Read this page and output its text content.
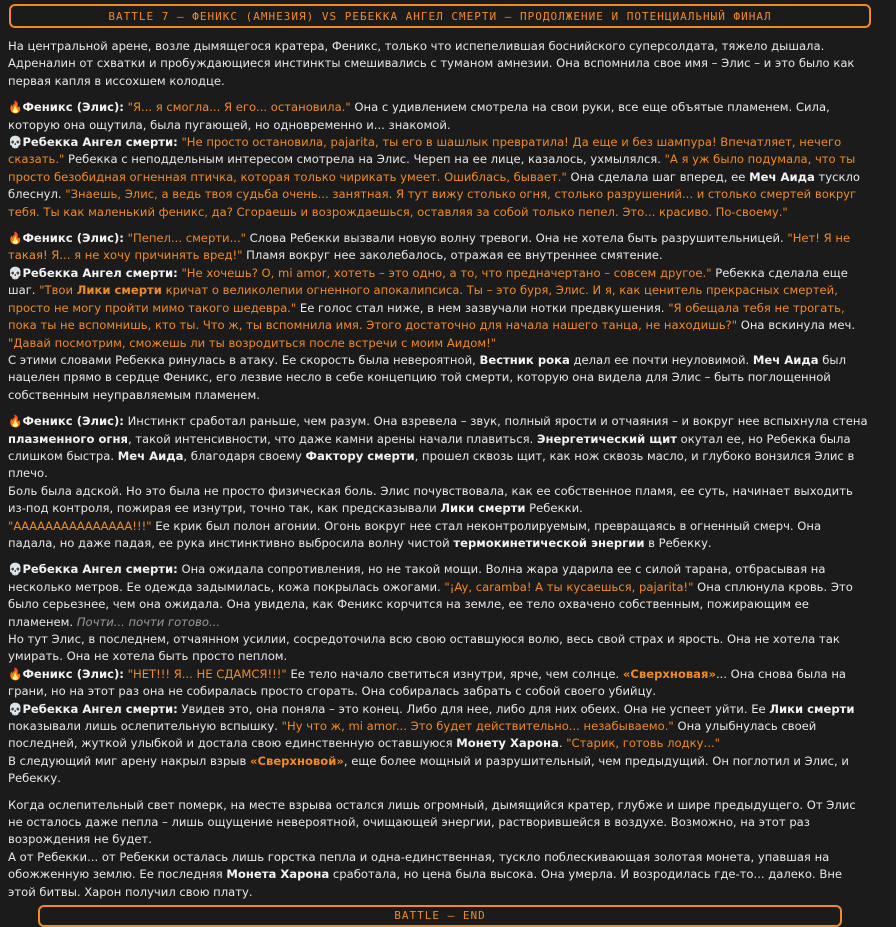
BATTLE 7 – ФЕНИКС (АМНЕЗИЯ) VS РЕБЕККА АНГЕЛ СМЕРТИ – ПРОДОЛЖЕНИЕ И ПОТЕНЦИАЛЬНЫЙ ФИНАЛ

На центральной арене, возле дымящегося кратера, Феникс, только что испепелившая боснийского суперсолдата, тяжело дышала. Адреналин от схватки и пробуждающиеся инстинкты смешивались с туманом амнезии. Она вспомнила свое имя – Элис – и это было как первая капля в иссохшем колодце.

🔥Феникс (Элис): "Я... я смогла... Я его... остановила." Она с удивлением смотрела на свои руки, все еще объятые пламенем. Сила, которую она ощутила, была пугающей, но одновременно и... знакомой.
💀Ребекка Ангел смерти: "Не просто остановила, pajarita, ты его в шашлык превратила! Да еще и без шампура! Впечатляет, нечего сказать." Ребекка с неподдельным интересом смотрела на Элис. Череп на ее лице, казалось, ухмылялся. "А я уж было подумала, что ты просто безобидная огненная птичка, которая только чирикать умеет. Ошиблась, бывает." Она сделала шаг вперед, ее Меч Аида тускло блеснул. "Знаешь, Элис, а ведь твоя судьба очень... занятная. Я тут вижу столько огня, столько разрушений... и столько смертей вокруг тебя. Ты как маленький феникс, да? Сгораешь и возрождаешься, оставляя за собой только пепел. Это... красиво. По-своему."

🔥Феникс (Элис): "Пепел... смерти..." Слова Ребекки вызвали новую волну тревоги. Она не хотела быть разрушительницей. "Нет! Я не такая! Я... я не хочу причинять вред!" Пламя вокруг нее заколебалось, отражая ее внутреннее смятение.
💀Ребекка Ангел смерти: "Не хочешь? О, mi amor, хотеть – это одно, а то, что предначертано – совсем другое." Ребекка сделала еще шаг. "Твои Лики смерти кричат о великолепии огненного апокалипсиса. Ты – это буря, Элис. И я, как ценитель прекрасных смертей, просто не могу пройти мимо такого шедевра." Ее голос стал ниже, в нем зазвучали нотки предвкушения. "Я обещала тебя не трогать, пока ты не вспомнишь, кто ты. Что ж, ты вспомнила имя. Этого достаточно для начала нашего танца, не находишь?" Она вскинула меч. "Давай посмотрим, сможешь ли ты возродиться после встречи с моим Аидом!"
С этими словами Ребекка ринулась в атаку. Ее скорость была невероятной, Вестник рока делал ее почти неуловимой. Меч Аида был нацелен прямо в сердце Феникс, его лезвие несло в себе концепцию той смерти, которую она видела для Элис – быть поглощенной собственным неуправляемым пламенем.

🔥Феникс (Элис): Инстинкт сработал раньше, чем разум. Она взревела – звук, полный ярости и отчаяния – и вокруг нее вспыхнула стена плазменного огня, такой интенсивности, что даже камни арены начали плавиться. Энергетический щит окутал ее, но Ребекка была слишком быстра. Меч Аида, благодаря своему Фактору смерти, прошел сквозь щит, как нож сквозь масло, и глубоко вонзился Элис в плечо.
Боль была адской. Но это была не просто физическая боль. Элис почувствовала, как ее собственное пламя, ее суть, начинает выходить из-под контроля, пожирая ее изнутри, точно так, как предсказывали Лики смерти Ребекки.
"ААААААААААААААА!!!" Ее крик был полон агонии. Огонь вокруг нее стал неконтролируемым, превращаясь в огненный смерч. Она падала, но даже падая, ее рука инстинктивно выбросила волну чистой термокинетической энергии в Ребекку.

💀Ребекка Ангел смерти: Она ожидала сопротивления, но не такой мощи. Волна жара ударила ее с силой тарана, отбрасывая на несколько метров. Ее одежда задымилась, кожа покрылась ожогами. "¡Ay, caramba! А ты кусаешься, pajarita!" Она сплюнула кровь. Это было серьезнее, чем она ожидала. Она увидела, как Феникс корчится на земле, ее тело охвачено собственным, пожирающим ее пламенем. Почти... почти готово...
Но тут Элис, в последнем, отчаянном усилии, сосредоточила всю свою оставшуюся волю, весь свой страх и ярость. Она не хотела так умирать. Она не хотела быть просто пеплом.
🔥Феникс (Элис): "НЕТ!!! Я... НЕ СДАМСЯ!!!" Ее тело начало светиться изнутри, ярче, чем солнце. «Сверхновая»... Она снова была на грани, но на этот раз она не собиралась просто сгорать. Она собиралась забрать с собой своего убийцу.
💀Ребекка Ангел смерти: Увидев это, она поняла – это конец. Либо для нее, либо для них обеих. Она не успеет уйти. Ее Лики смерти показывали лишь ослепительную вспышку. "Ну что ж, mi amor... Это будет действительно... незабываемо." Она улыбнулась своей последней, жуткой улыбкой и достала свою единственную оставшуюся Монету Харона. "Старик, готовь лодку..."
В следующий миг арену накрыл взрыв «Сверхновой», еще более мощный и разрушительный, чем предыдущий. Он поглотил и Элис, и Ребекку.

Когда ослепительный свет померк, на месте взрыва остался лишь огромный, дымящийся кратер, глубже и шире предыдущего. От Элис не осталось даже пепла – лишь ощущение невероятной, очищающей энергии, растворившейся в воздухе. Возможно, на этот раз возрождения не будет.
А от Ребекки... от Ребекки осталась лишь горстка пепла и одна-единственная, тускло поблескивающая золотая монета, упавшая на обожженную землю. Ее последняя Монета Харона сработала, но цена была высока. Она умерла. И возродилась где-то... далеко. Вне этой битвы. Харон получил свою плату.

BATTLE – END
